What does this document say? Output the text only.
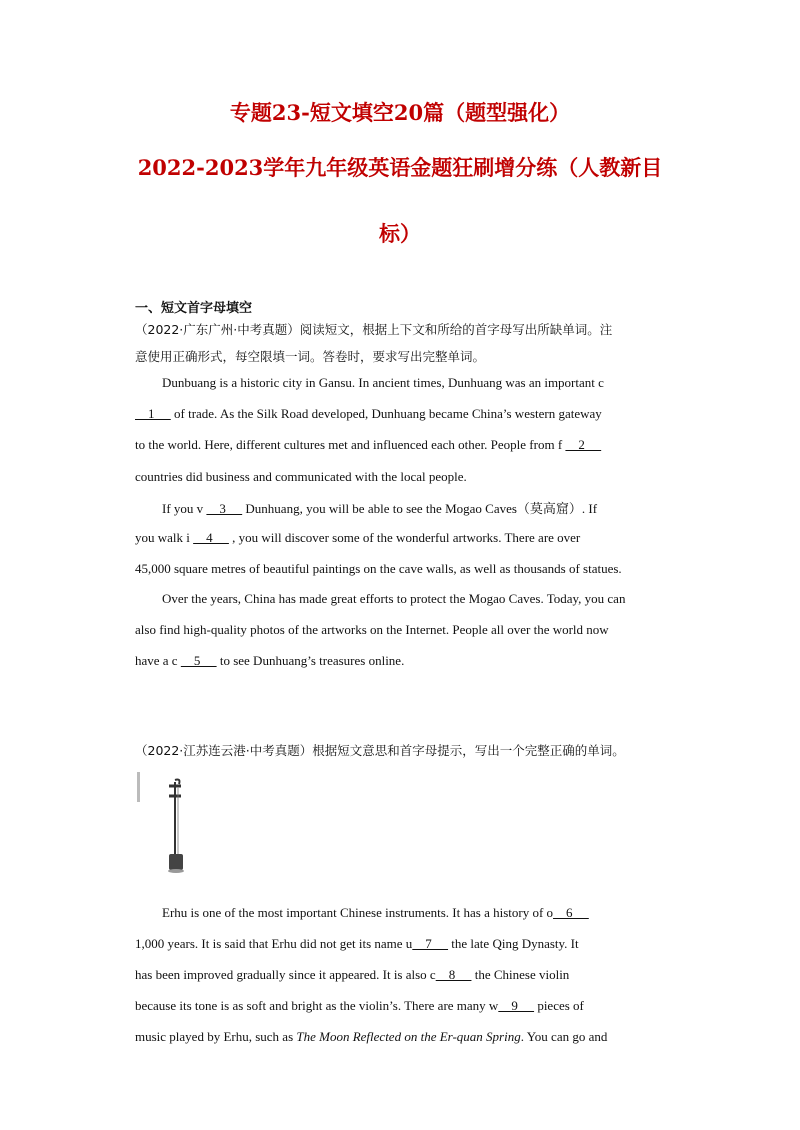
专题23-短文填空20篇（题型强化）
2022-2023学年九年级英语金题狂刷增分练（人教新目
标）
一、短文首字母填空
（2022·广东广州·中考真题）阅读短文，根据上下文和所给的首字母写出所缺单词。注
意使用正确形式，每空限填一词。答卷时，要求写出完整单词。
Dunbuang is a historic city in Gansu. In ancient times, Dunhuang was an important c
1      of trade. As the Silk Road developed, Dunhuang became China’s western gateway
to the world. Here, different cultures met and influenced each other. People from f     2
countries did business and communicated with the local people.
If you v     3      Dunhuang, you will be able to see the Mogao Caves（莫高窟）. If
you walk i     4      , you will discover some of the wonderful artworks. There are over
45,000 square metres of beautiful paintings on the cave walls, as well as thousands of statues.
Over the years, China has made great efforts to protect the Mogao Caves. Today, you can
also find high-quality photos of the artworks on the Internet. People all over the world now
have a c     5      to see Dunhuang’s treasures online.
（2022·江苏连云港·中考真题）根据短文意思和首字母提示，写出一个完整正确的单词。
Erhu is one of the most important Chinese instruments. It has a history of o    6
1,000 years. It is said that Erhu did not get its name u    7      the late Qing Dynasty. It
has been improved gradually since it appeared. It is also c    8      the Chinese violin
because its tone is as soft and bright as the violin’s. There are many w    9      pieces of
music played by Erhu, such as The Moon Reflected on the Er-quan Spring. You can go and
